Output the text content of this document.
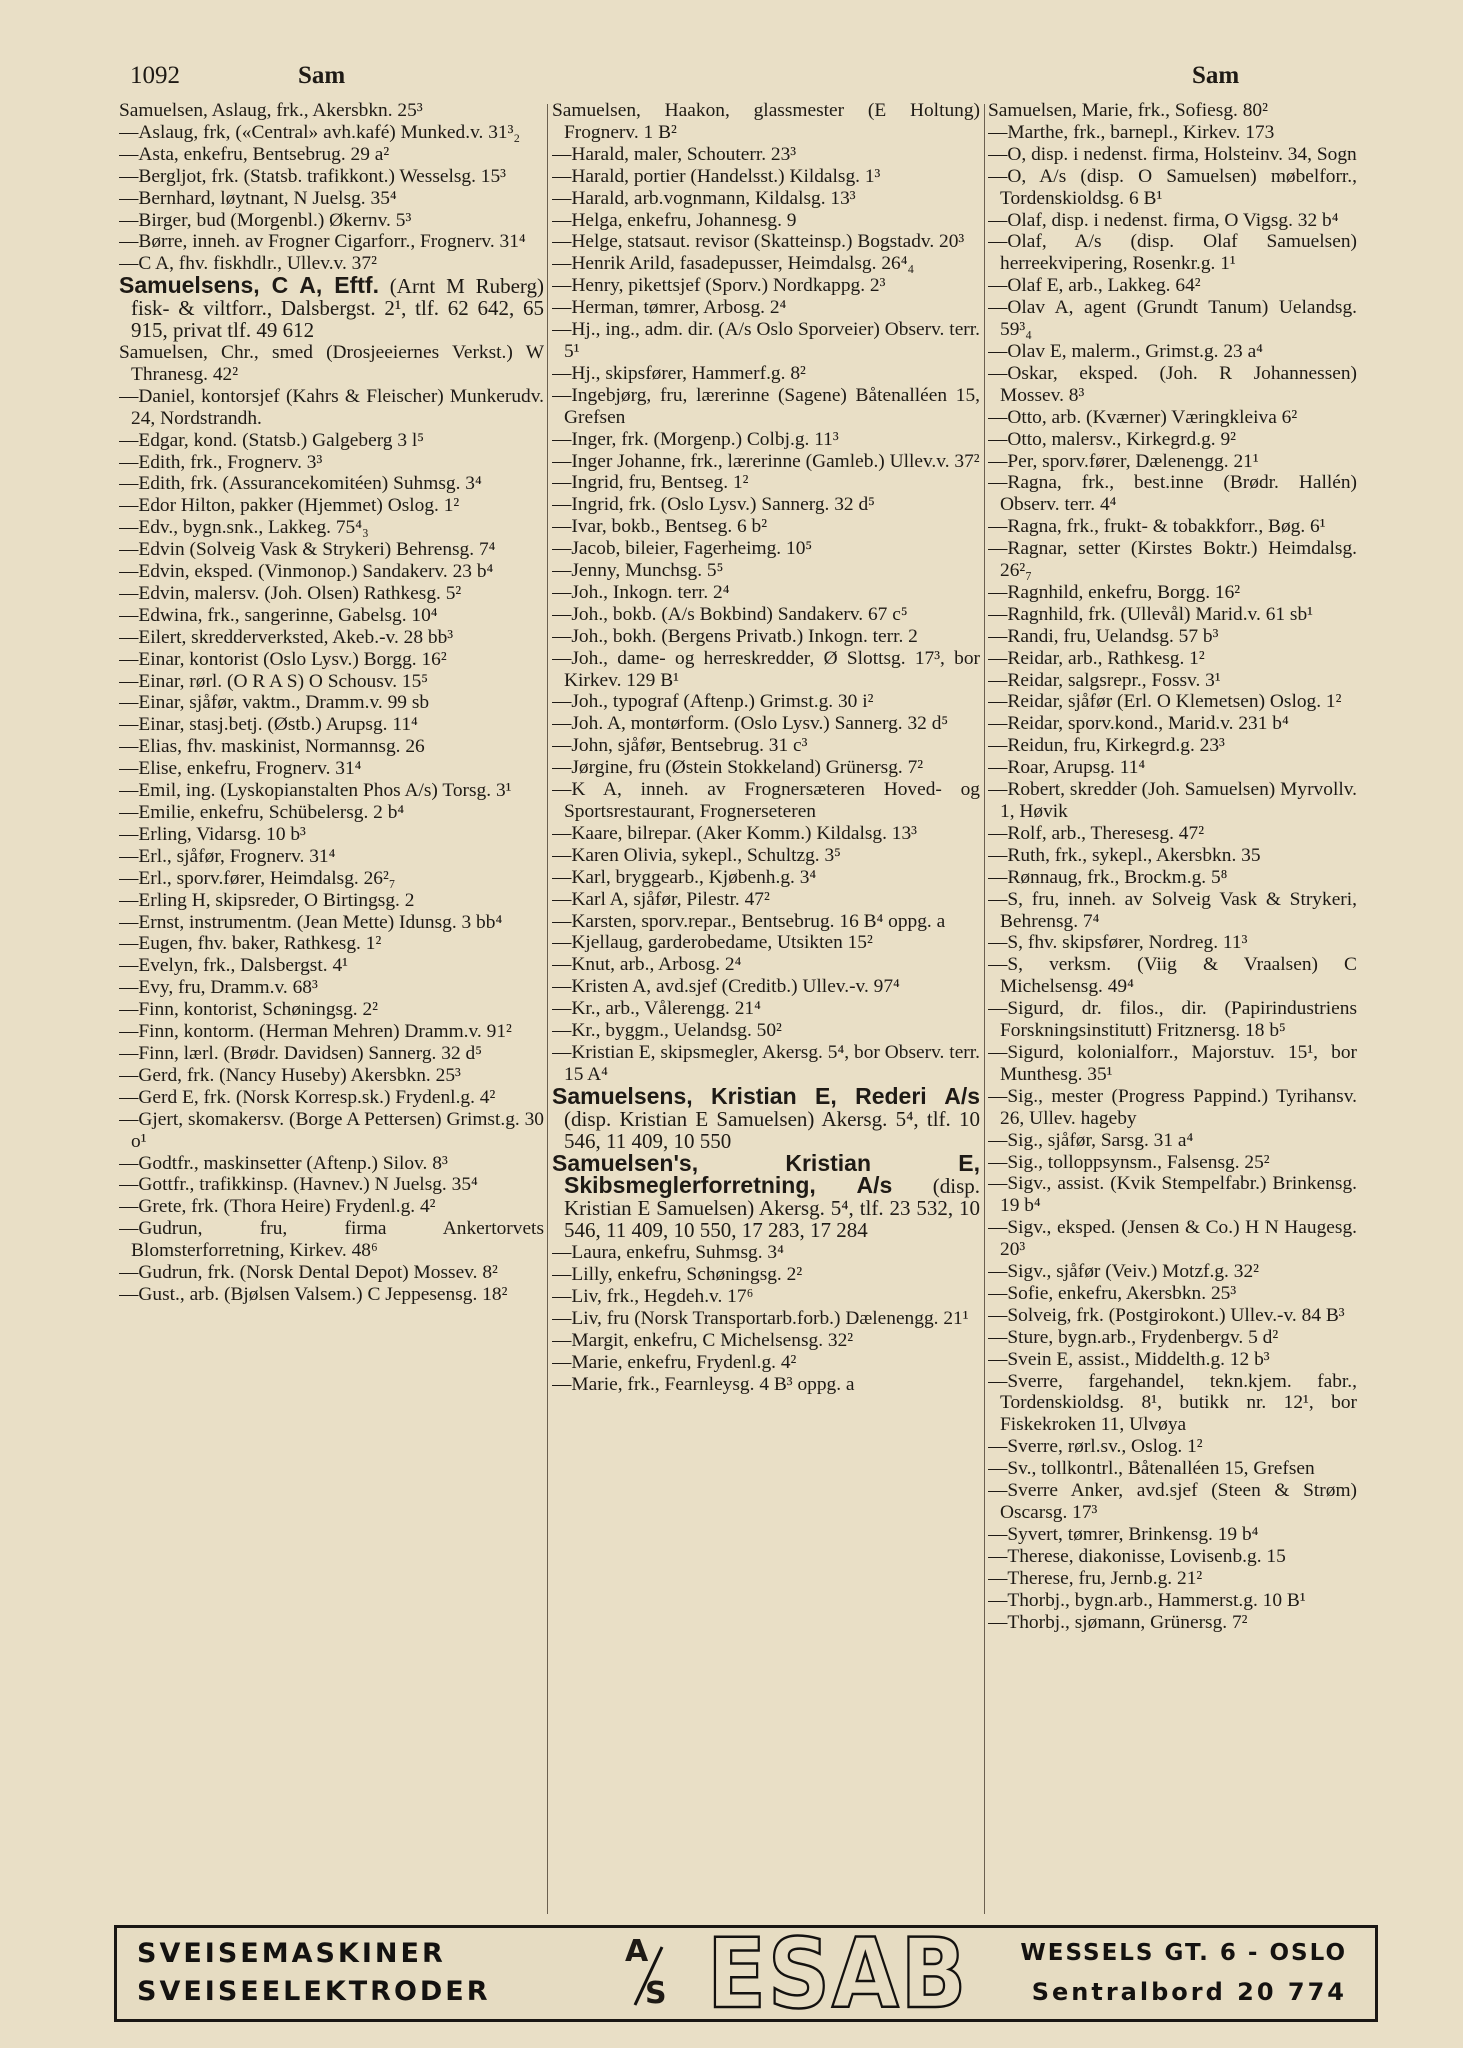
1092	Sam	Sam

Samuelsen, Aslaug, frk., Akersbkn. 25³

—Aslaug, frk, («Central» avh.kafé) Munked.v. 31³₂

—Asta, enkefru, Bentsebrug. 29 a²

—Bergljot, frk. (Statsb. trafikkont.) Wesselsg. 15³

—Bernhard, løytnant, N Juelsg. 35⁴

—Birger, bud (Morgenbl.) Økernv. 5³

—Børre, inneh. av Frogner Cigarforr., Frognerv. 31⁴

—C A, fhv. fiskhdlr., Ullev.v. 37²

Samuelsens, C A, Eftf. (Arnt M Ruberg) fisk- & viltforr., Dalsbergst. 2¹, tlf. 62 642, 65 915, privat tlf. 49 612

Samuelsen, Chr., smed (Drosjeeiernes Verkst.) W Thranesg. 42²

—Daniel, kontorsjef (Kahrs & Fleischer) Munkerudv. 24, Nordstrandh.

—Edgar, kond. (Statsb.) Galgeberg 3 l⁵

—Edith, frk., Frognerv. 3³

—Edith, frk. (Assurancekomitéen) Suhmsg. 3⁴

—Edor Hilton, pakker (Hjemmet) Oslog. 1²

—Edv., bygn.snk., Lakkeg. 75⁴₃

—Edvin (Solveig Vask & Strykeri) Behrensg. 7⁴

—Edvin, eksped. (Vinmonop.) Sandakerv. 23 b⁴

—Edvin, malersv. (Joh. Olsen) Rathkesg. 5²

—Edwina, frk., sangerinne, Gabelsg. 10⁴

—Eilert, skredderverksted, Akeb.-v. 28 bb³

—Einar, kontorist (Oslo Lysv.) Borgg. 16²

—Einar, rørl. (O R A S) O Schousv. 15⁵

—Einar, sjåfør, vaktm., Dramm.v. 99 sb

—Einar, stasj.betj. (Østb.) Arupsg. 11⁴

—Elias, fhv. maskinist, Normannsg. 26

—Elise, enkefru, Frognerv. 31⁴

—Emil, ing. (Lyskopianstalten Phos A/s) Torsg. 3¹

—Emilie, enkefru, Schübelersg. 2 b⁴

—Erling, Vidarsg. 10 b³

—Erl., sjåfør, Frognerv. 31⁴

—Erl., sporv.fører, Heimdalsg. 26²₇

—Erling H, skipsreder, O Birtingsg. 2

—Ernst, instrumentm. (Jean Mette) Idunsg. 3 bb⁴

—Eugen, fhv. baker, Rathkesg. 1²

—Evelyn, frk., Dalsbergst. 4¹

—Evy, fru, Dramm.v. 68³

—Finn, kontorist, Schøningsg. 2²

—Finn, kontorm. (Herman Mehren) Dramm.v. 91²

—Finn, lærl. (Brødr. Davidsen) Sannerg. 32 d⁵

—Gerd, frk. (Nancy Huseby) Akersbkn. 25³

—Gerd E, frk. (Norsk Korresp.sk.) Frydenl.g. 4²

—Gjert, skomakersv. (Borge A Pettersen) Grimst.g. 30 o¹

—Godtfr., maskinsetter (Aftenp.) Silov. 8³

—Gottfr., trafikkinsp. (Havnev.) N Juelsg. 35⁴

—Grete, frk. (Thora Heire) Frydenl.g. 4²

—Gudrun, fru, firma Ankertorvets Blomsterforretning, Kirkev. 48⁶

—Gudrun, frk. (Norsk Dental Depot) Mossev. 8²

—Gust., arb. (Bjølsen Valsem.) C Jeppesensg. 18²

Samuelsen, Haakon, glassmester (E Holtung) Frognerv. 1 B²

—Harald, maler, Schouterr. 23³

—Harald, portier (Handelsst.) Kildalsg. 1³

—Harald, arb.vognmann, Kildalsg. 13³

—Helga, enkefru, Johannesg. 9

—Helge, statsaut. revisor (Skatteinsp.) Bogstadv. 20³

—Henrik Arild, fasadepusser, Heimdalsg. 26⁴₄

—Henry, pikettsjef (Sporv.) Nordkappg. 2³

—Herman, tømrer, Arbosg. 2⁴

—Hj., ing., adm. dir. (A/s Oslo Sporveier) Observ. terr. 5¹

—Hj., skipsfører, Hammerf.g. 8²

—Ingebjørg, fru, lærerinne (Sagene) Båtenalléen 15, Grefsen

—Inger, frk. (Morgenp.) Colbj.g. 11³

—Inger Johanne, frk., lærerinne (Gamleb.) Ullev.v. 37²

—Ingrid, fru, Bentseg. 1²

—Ingrid, frk. (Oslo Lysv.) Sannerg. 32 d⁵

—Ivar, bokb., Bentseg. 6 b²

—Jacob, bileier, Fagerheimg. 10⁵

—Jenny, Munchsg. 5⁵

—Joh., Inkogn. terr. 2⁴

—Joh., bokb. (A/s Bokbind) Sandakerv. 67 c⁵

—Joh., bokh. (Bergens Privatb.) Inkogn. terr. 2

—Joh., dame- og herreskredder, Ø Slottsg. 17³, bor Kirkev. 129 B¹

—Joh., typograf (Aftenp.) Grimst.g. 30 i²

—Joh. A, montørform. (Oslo Lysv.) Sannerg. 32 d⁵

—John, sjåfør, Bentsebrug. 31 c³

—Jørgine, fru (Østein Stokkeland) Grünersg. 7²

—K A, inneh. av Frognersæteren Hoved- og Sportsrestaurant, Frognerseteren

—Kaare, bilrepar. (Aker Komm.) Kildalsg. 13³

—Karen Olivia, sykepl., Schultzg. 3⁵

—Karl, bryggearb., Kjøbenh.g. 3⁴

—Karl A, sjåfør, Pilestr. 47²

—Karsten, sporv.repar., Bentsebrug. 16 B⁴ oppg. a

—Kjellaug, garderobedame, Utsikten 15²

—Knut, arb., Arbosg. 2⁴

—Kristen A, avd.sjef (Creditb.) Ullev.-v. 97⁴

—Kr., arb., Vålerengg. 21⁴

—Kr., byggm., Uelandsg. 50²

—Kristian E, skipsmegler, Akersg. 5⁴, bor Observ. terr. 15 A⁴

Samuelsens, Kristian E, Rederi A/s (disp. Kristian E Samuelsen) Akersg. 5⁴, tlf. 10 546, 11 409, 10 550

Samuelsen's, Kristian E, Skibsmeglerforretning, A/s (disp. Kristian E Samuelsen) Akersg. 5⁴, tlf. 23 532, 10 546, 11 409, 10 550, 17 283, 17 284

—Laura, enkefru, Suhmsg. 3⁴

—Lilly, enkefru, Schøningsg. 2²

—Liv, frk., Hegdeh.v. 17⁶

—Liv, fru (Norsk Transportarb.forb.) Dælenengg. 21¹

—Margit, enkefru, C Michelsensg. 32²

—Marie, enkefru, Frydenl.g. 4²

—Marie, frk., Fearnleysg. 4 B³ oppg. a

Samuelsen, Marie, frk., Sofiesg. 80²

—Marthe, frk., barnepl., Kirkev. 173

—O, disp. i nedenst. firma, Holsteinv. 34, Sogn

—O, A/s (disp. O Samuelsen) møbelforr., Tordenskioldsg. 6 B¹

—Olaf, disp. i nedenst. firma, O Vigsg. 32 b⁴

—Olaf, A/s (disp. Olaf Samuelsen) herreekvipering, Rosenkr.g. 1¹

—Olaf E, arb., Lakkeg. 64²

—Olav A, agent (Grundt Tanum) Uelandsg. 59³₄

—Olav E, malerm., Grimst.g. 23 a⁴

—Oskar, eksped. (Joh. R Johannessen) Mossev. 8³

—Otto, arb. (Kværner) Væringkleiva 6²

—Otto, malersv., Kirkegrd.g. 9²

—Per, sporv.fører, Dælenengg. 21¹

—Ragna, frk., best.inne (Brødr. Hallén) Observ. terr. 4⁴

—Ragna, frk., frukt- & tobakkforr., Bøg. 6¹

—Ragnar, setter (Kirstes Boktr.) Heimdalsg. 26²₇

—Ragnhild, enkefru, Borgg. 16²

—Ragnhild, frk. (Ullevål) Marid.v. 61 sb¹

—Randi, fru, Uelandsg. 57 b³

—Reidar, arb., Rathkesg. 1²

—Reidar, salgsrepr., Fossv. 3¹

—Reidar, sjåfør (Erl. O Klemetsen) Oslog. 1²

—Reidar, sporv.kond., Marid.v. 231 b⁴

—Reidun, fru, Kirkegrd.g. 23³

—Roar, Arupsg. 11⁴

—Robert, skredder (Joh. Samuelsen) Myrvollv. 1, Høvik

—Rolf, arb., Theresesg. 47²

—Ruth, frk., sykepl., Akersbkn. 35

—Rønnaug, frk., Brockm.g. 5⁸

—S, fru, inneh. av Solveig Vask & Strykeri, Behrensg. 7⁴

—S, fhv. skipsfører, Nordreg. 11³

—S, verksm. (Viig & Vraalsen) C Michelsensg. 49⁴

—Sigurd, dr. filos., dir. (Papirindustriens Forskningsinstitutt) Fritznersg. 18 b⁵

—Sigurd, kolonialforr., Majorstuv. 15¹, bor Munthesg. 35¹

—Sig., mester (Progress Pappind.) Tyrihansv. 26, Ullev. hageby

—Sig., sjåfør, Sarsg. 31 a⁴

—Sig., tolloppsynsm., Falsensg. 25²

—Sigv., assist. (Kvik Stempelfabr.) Brinkensg. 19 b⁴

—Sigv., eksped. (Jensen & Co.) H N Haugesg. 20³

—Sigv., sjåfør (Veiv.) Motzf.g. 32²

—Sofie, enkefru, Akersbkn. 25³

—Solveig, frk. (Postgirokont.) Ullev.-v. 84 B³

—Sture, bygn.arb., Frydenbergv. 5 d²

—Svein E, assist., Middelth.g. 12 b³

—Sverre, fargehandel, tekn.kjem. fabr., Tordenskioldsg. 8¹, butikk nr. 12¹, bor Fiskekroken 11, Ulvøya

—Sverre, rørl.sv., Oslog. 1²

—Sv., tollkontrl., Båtenalléen 15, Grefsen

—Sverre Anker, avd.sjef (Steen & Strøm) Oscarsg. 17³

—Syvert, tømrer, Brinkensg. 19 b⁴

—Therese, diakonisse, Lovisenb.g. 15

—Therese, fru, Jernb.g. 21²

—Thorbj., bygn.arb., Hammerst.g. 10 B¹

—Thorbj., sjømann, Grünersg. 7²

SVEISEMASKINER
SVEISEELEKTRODER
A
S ESAB WESSELS GT. 6 - OSLO
Sentralbord 20 774
